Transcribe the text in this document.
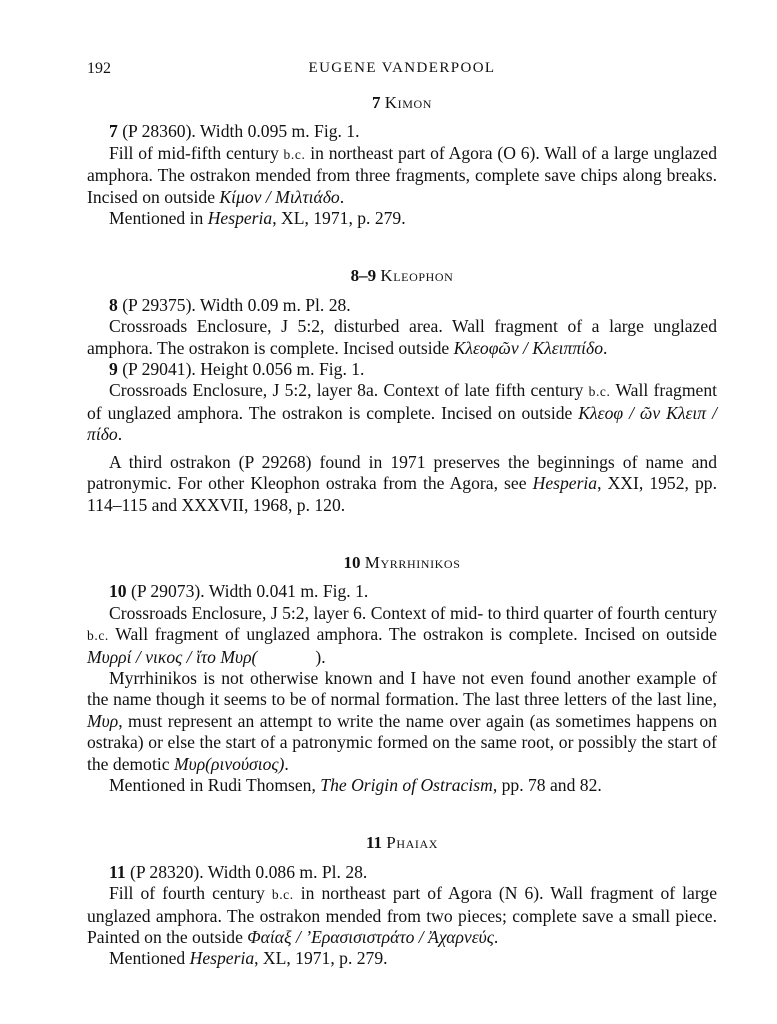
192	EUGENE VANDERPOOL
7 Kimon

7 (P 28360). Width 0.095 m. Fig. 1.

Fill of mid-fifth century b.c. in northeast part of Agora (O 6). Wall of a large unglazed amphora. The ostrakon mended from three fragments, complete save chips along breaks. Incised on outside Κίμον / Μιλτιάδο.

Mentioned in Hesperia, XL, 1971, p. 279.

8–9 Kleophon

8 (P 29375). Width 0.09 m. Pl. 28.

Crossroads Enclosure, J 5:2, disturbed area. Wall fragment of a large unglazed amphora. The ostrakon is complete. Incised outside Κλεοφῶν / Κλειππίδο.

9 (P 29041). Height 0.056 m. Fig. 1.

Crossroads Enclosure, J 5:2, layer 8a. Context of late fifth century b.c. Wall fragment of unglazed amphora. The ostrakon is complete. Incised on outside Κλεοφ / ῶν Κλειπ / πίδο.

A third ostrakon (P 29268) found in 1971 preserves the beginnings of name and patronymic. For other Kleophon ostraka from the Agora, see Hesperia, XXI, 1952, pp. 114–115 and XXXVII, 1968, p. 120.

10 Myrrhinikos

10 (P 29073). Width 0.041 m. Fig. 1.

Crossroads Enclosure, J 5:2, layer 6. Context of mid- to third quarter of fourth century b.c. Wall fragment of unglazed amphora. The ostrakon is complete. Incised on outside Μυρρί / νικος / ἴτο Μυρ(	).

Myrrhinikos is not otherwise known and I have not even found another example of the name though it seems to be of normal formation. The last three letters of the last line, Μυρ, must represent an attempt to write the name over again (as sometimes happens on ostraka) or else the start of a patronymic formed on the same root, or possibly the start of the demotic Μυρ(ρινούσιος).

Mentioned in Rudi Thomsen, The Origin of Ostracism, pp. 78 and 82.

11 Phaiax

11 (P 28320). Width 0.086 m. Pl. 28.

Fill of fourth century b.c. in northeast part of Agora (N 6). Wall fragment of large unglazed amphora. The ostrakon mended from two pieces; complete save a small piece. Painted on the outside Φαίαξ / ʼΕρασισιστράτο / Ἀχαρνεύς.

Mentioned Hesperia, XL, 1971, p. 279.
